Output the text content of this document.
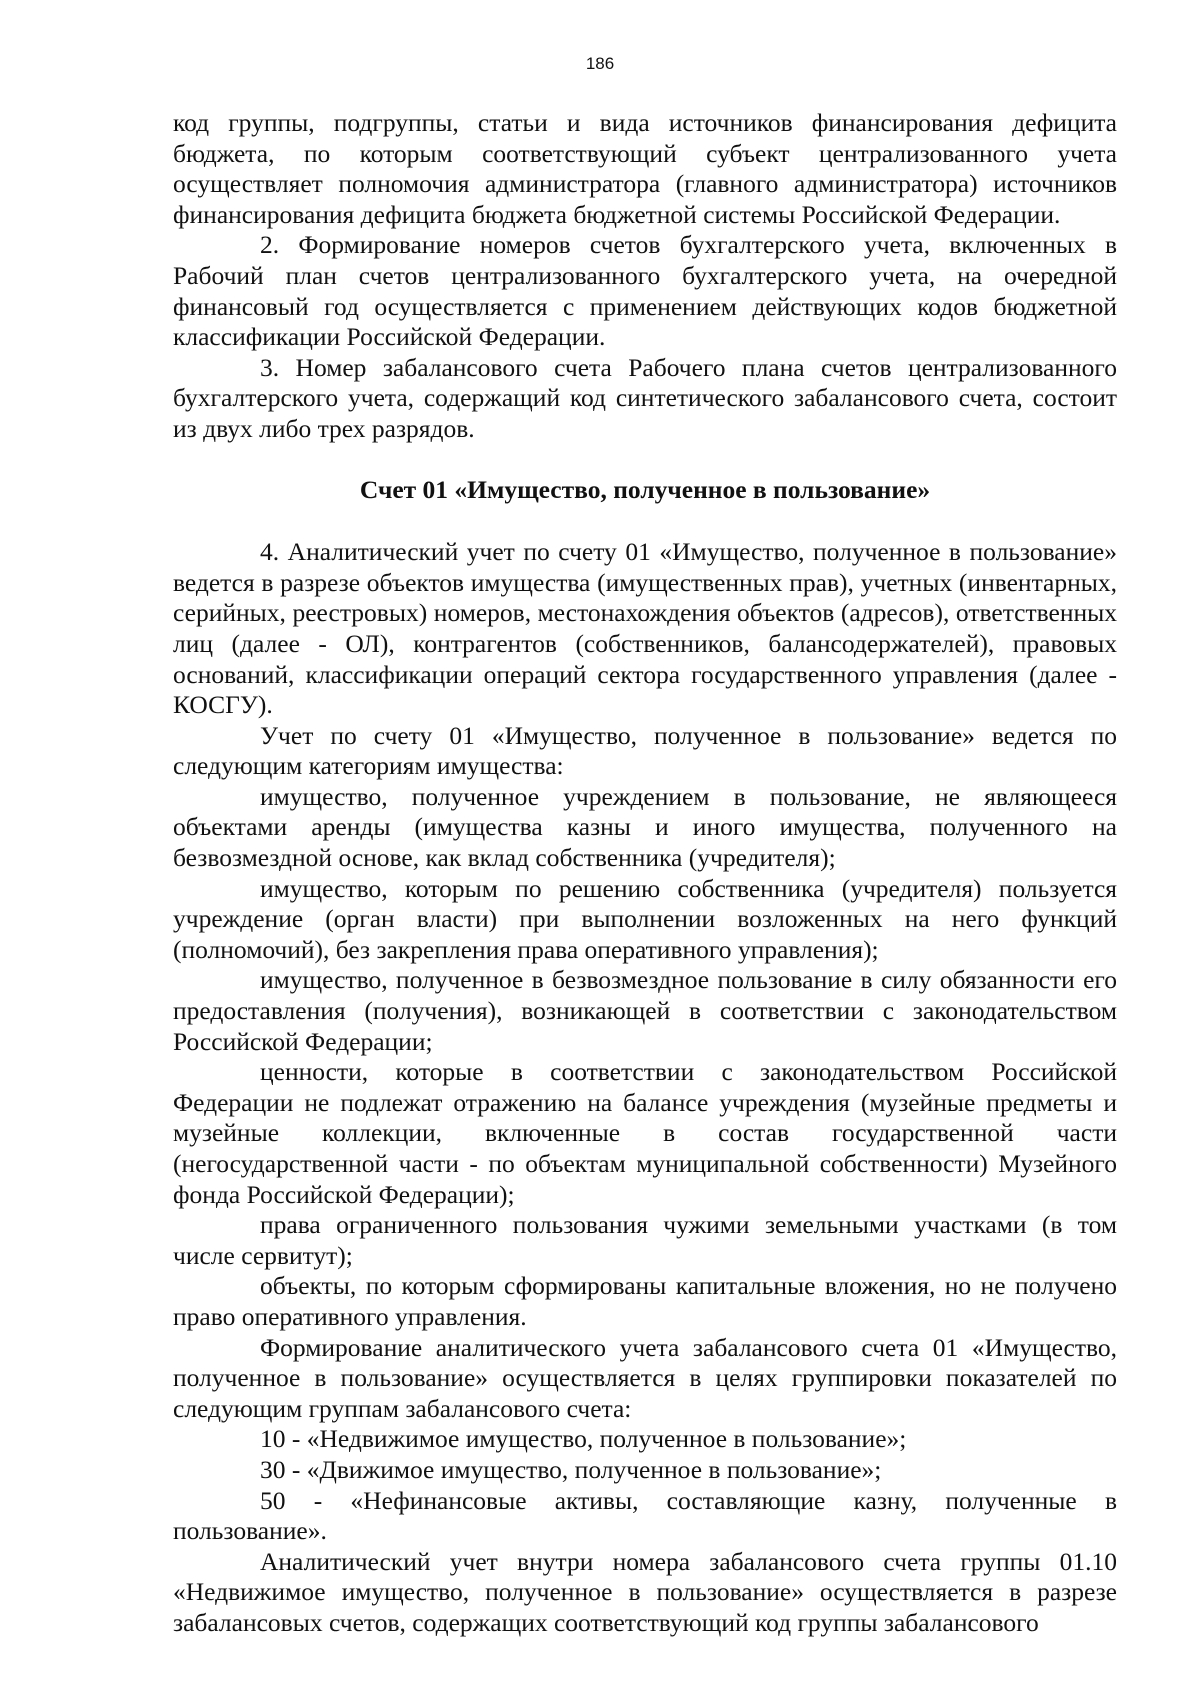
186

код группы, подгруппы, статьи и вида источников финансирования дефицита бюджета, по которым соответствующий субъект централизованного учета осуществляет полномочия администратора (главного администратора) источников финансирования дефицита бюджета бюджетной системы Российской Федерации.

2. Формирование номеров счетов бухгалтерского учета, включенных в Рабочий план счетов централизованного бухгалтерского учета, на очередной финансовый год осуществляется с применением действующих кодов бюджетной классификации Российской Федерации.

3. Номер забалансового счета Рабочего плана счетов централизованного бухгалтерского учета, содержащий код синтетического забалансового счета, состоит из двух либо трех разрядов.

Счет 01 «Имущество, полученное в пользование»

4. Аналитический учет по счету 01 «Имущество, полученное в пользование» ведется в разрезе объектов имущества (имущественных прав), учетных (инвентарных, серийных, реестровых) номеров, местонахождения объектов (адресов), ответственных лиц (далее - ОЛ), контрагентов (собственников, балансодержателей), правовых оснований, классификации операций сектора государственного управления (далее - КОСГУ).

Учет по счету 01 «Имущество, полученное в пользование» ведется по следующим категориям имущества:

имущество, полученное учреждением в пользование, не являющееся объектами аренды (имущества казны и иного имущества, полученного на безвозмездной основе, как вклад собственника (учредителя);

имущество, которым по решению собственника (учредителя) пользуется учреждение (орган власти) при выполнении возложенных на него функций (полномочий), без закрепления права оперативного управления);

имущество, полученное в безвозмездное пользование в силу обязанности его предоставления (получения), возникающей в соответствии с законодательством Российской Федерации;

ценности, которые в соответствии с законодательством Российской Федерации не подлежат отражению на балансе учреждения (музейные предметы и музейные коллекции, включенные в состав государственной части (негосударственной части - по объектам муниципальной собственности) Музейного фонда Российской Федерации);

права ограниченного пользования чужими земельными участками (в том числе сервитут);

объекты, по которым сформированы капитальные вложения, но не получено право оперативного управления.

Формирование аналитического учета забалансового счета 01 «Имущество, полученное в пользование» осуществляется в целях группировки показателей по следующим группам забалансового счета:

10 - «Недвижимое имущество, полученное в пользование»;

30 - «Движимое имущество, полученное в пользование»;

50 - «Нефинансовые активы, составляющие казну, полученные в пользование».

Аналитический учет внутри номера забалансового счета группы 01.10 «Недвижимое имущество, полученное в пользование» осуществляется в разрезе забалансовых счетов, содержащих соответствующий код группы забалансового
